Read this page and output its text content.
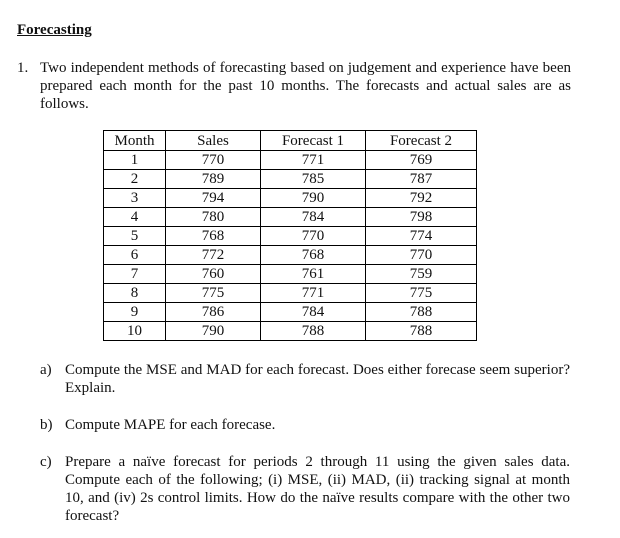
Forecasting
1. Two independent methods of forecasting based on judgement and experience have been prepared each month for the past 10 months. The forecasts and actual sales are as follows.
Month	Sales	Forecast 1	Forecast 2
1	770	771	769
2	789	785	787
3	794	790	792
4	780	784	798
5	768	770	774
6	772	768	770
7	760	761	759
8	775	771	775
9	786	784	788
10	790	788	788
a) Compute the MSE and MAD for each forecast. Does either forecase seem superior? Explain.
b) Compute MAPE for each forecase.
c) Prepare a naïve forecast for periods 2 through 11 using the given sales data. Compute each of the following; (i) MSE, (ii) MAD, (ii) tracking signal at month 10, and (iv) 2s control limits. How do the naïve results compare with the other two forecast?
